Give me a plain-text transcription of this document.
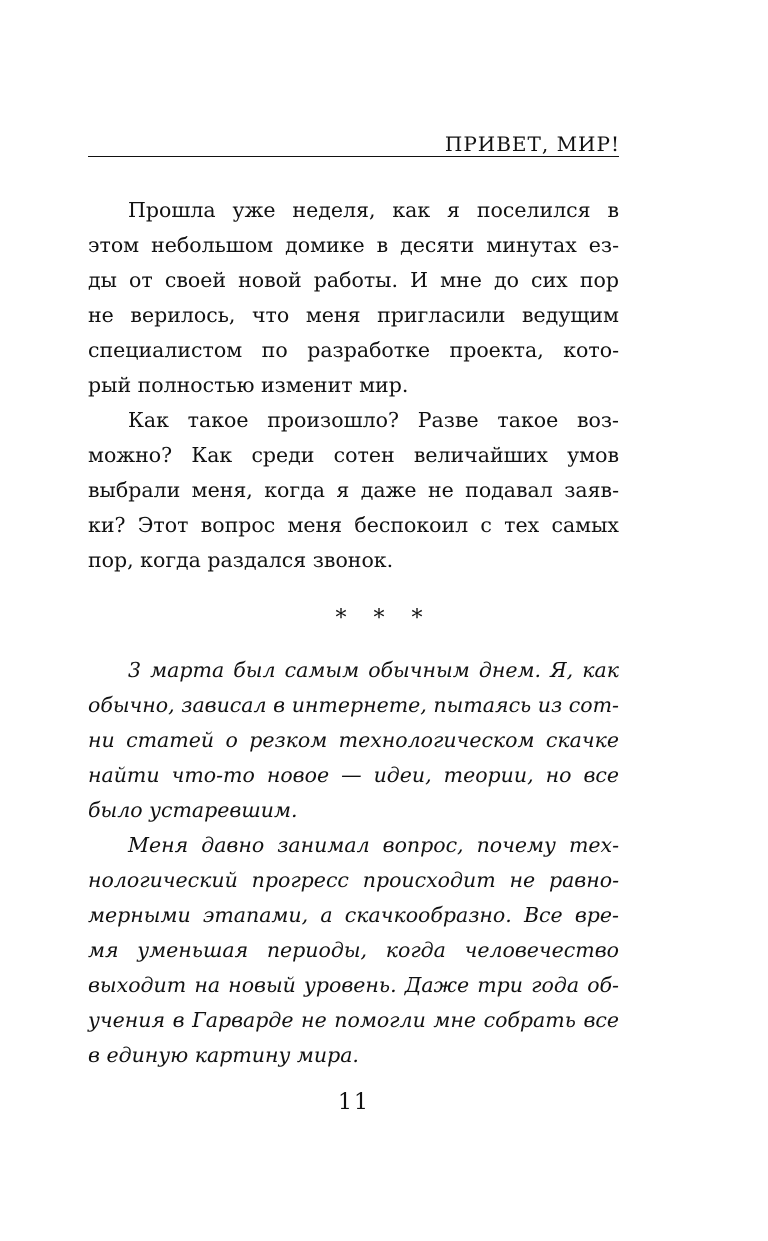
ПРИВЕТ, МИР!
Прошла уже неделя, как я поселился в
этом небольшом домике в десяти минутах ез-
ды от своей новой работы. И мне до сих пор
не верилось, что меня пригласили ведущим
специалистом по разработке проекта, кото-
рый полностью изменит мир.
Как такое произошло? Разве такое воз-
можно? Как среди сотен величайших умов
выбрали меня, когда я даже не подавал заяв-
ки? Этот вопрос меня беспокоил с тех самых
пор, когда раздался звонок.
* * *
3 марта был самым обычным днем. Я, как
обычно, зависал в интернете, пытаясь из сот-
ни статей о резком технологическом скачке
найти что-то новое — идеи, теории, но все
было устаревшим.
Меня давно занимал вопрос, почему тех-
нологический прогресс происходит не равно-
мерными этапами, а скачкообразно. Все вре-
мя уменьшая периоды, когда человечество
выходит на новый уровень. Даже три года об-
учения в Гарварде не помогли мне собрать все
в единую картину мира.
11
